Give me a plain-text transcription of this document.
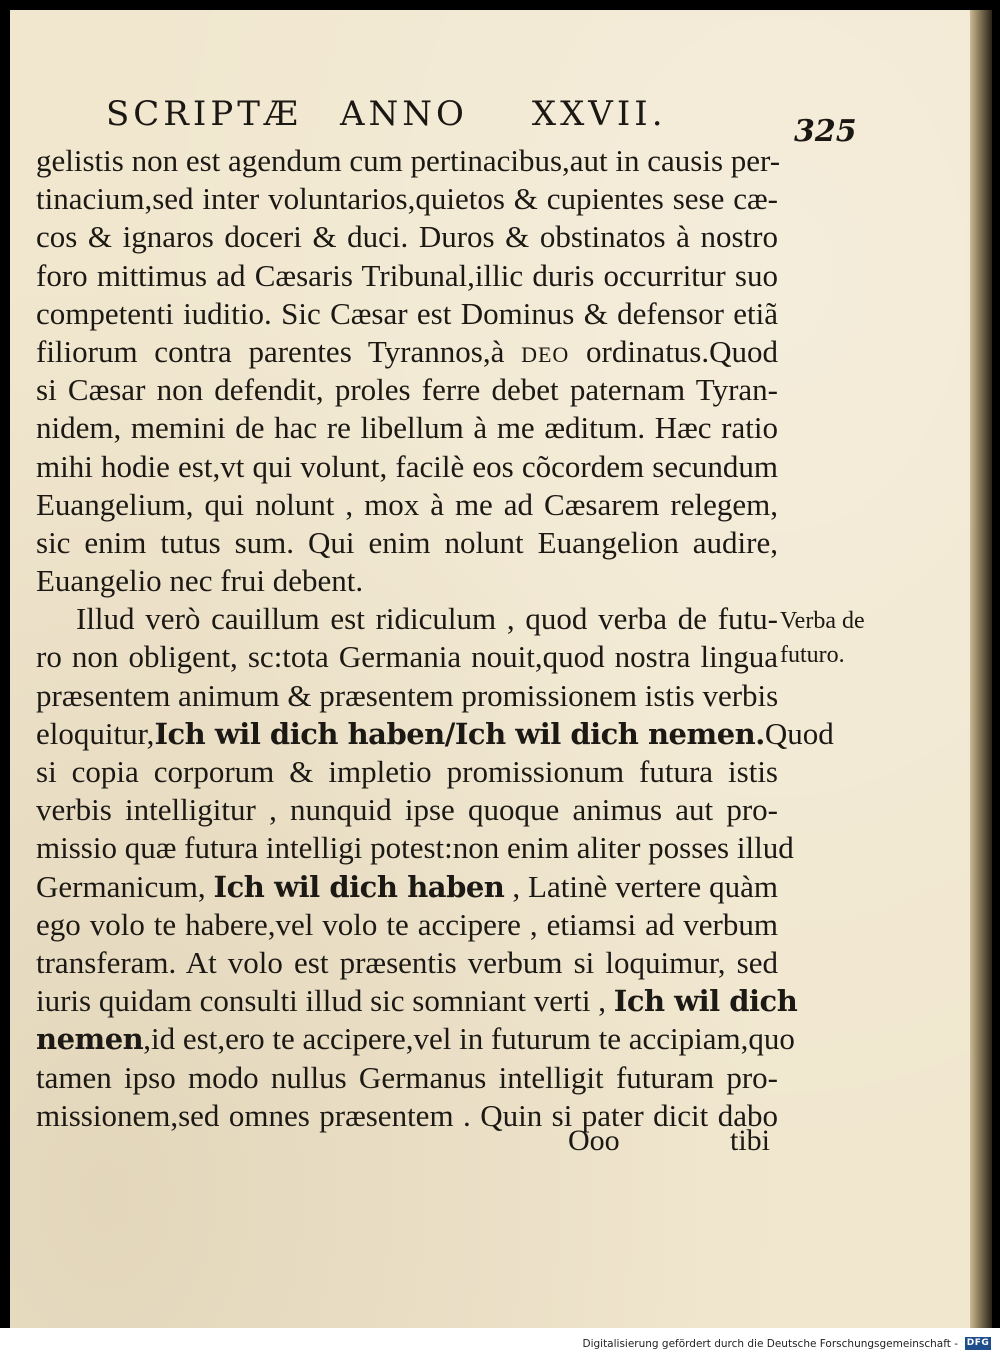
SCRIPTÆ ANNO XXVII.	325
gelistis non est agendum cum pertinacibus,aut in causis per-
tinacium,sed inter voluntarios,quietos & cupientes sese cæ-
cos & ignaros doceri & duci. Duros & obstinatos à nostro
foro mittimus ad Cæsaris Tribunal,illic duris occurritur suo
competenti iuditio. Sic Cæsar est Dominus & defensor etiã
filiorum contra parentes Tyrannos,à DEO ordinatus.Quod
si Cæsar non defendit, proles ferre debet paternam Tyran-
nidem, memini de hac re libellum à me æditum. Hæc ratio
mihi hodie est,vt qui volunt, facilè eos cõcordem secundum
Euangelium, qui nolunt , mox à me ad Cæsarem relegem,
sic enim tutus sum. Qui enim nolunt Euangelion audire,
Euangelio nec frui debent.
Illud verò cauillum est ridiculum , quod verba de futu-
ro non obligent, sc:tota Germania nouit,quod nostra lingua
præsentem animum & præsentem promissionem istis verbis
eloquitur,Ich wil dich haben/Ich wil dich nemen.Quod
si copia corporum & impletio promissionum futura istis
verbis intelligitur , nunquid ipse quoque animus aut pro-
missio quæ futura intelligi potest:non enim aliter posses illud
Germanicum, Ich wil dich haben , Latinè vertere quàm
ego volo te habere,vel volo te accipere , etiamsi ad verbum
transferam. At volo est præsentis verbum si loquimur, sed
iuris quidam consulti illud sic somniant verti , Ich wil dich
nemen,id est,ero te accipere,vel in futurum te accipiam,quo
tamen ipso modo nullus Germanus intelligit futuram pro-
missionem,sed omnes præsentem . Quin si pater dicit dabo
Verba de
futuro.
Ooo	tibi
Digitalisierung gefördert durch die Deutsche Forschungsgemeinschaft - DFG
